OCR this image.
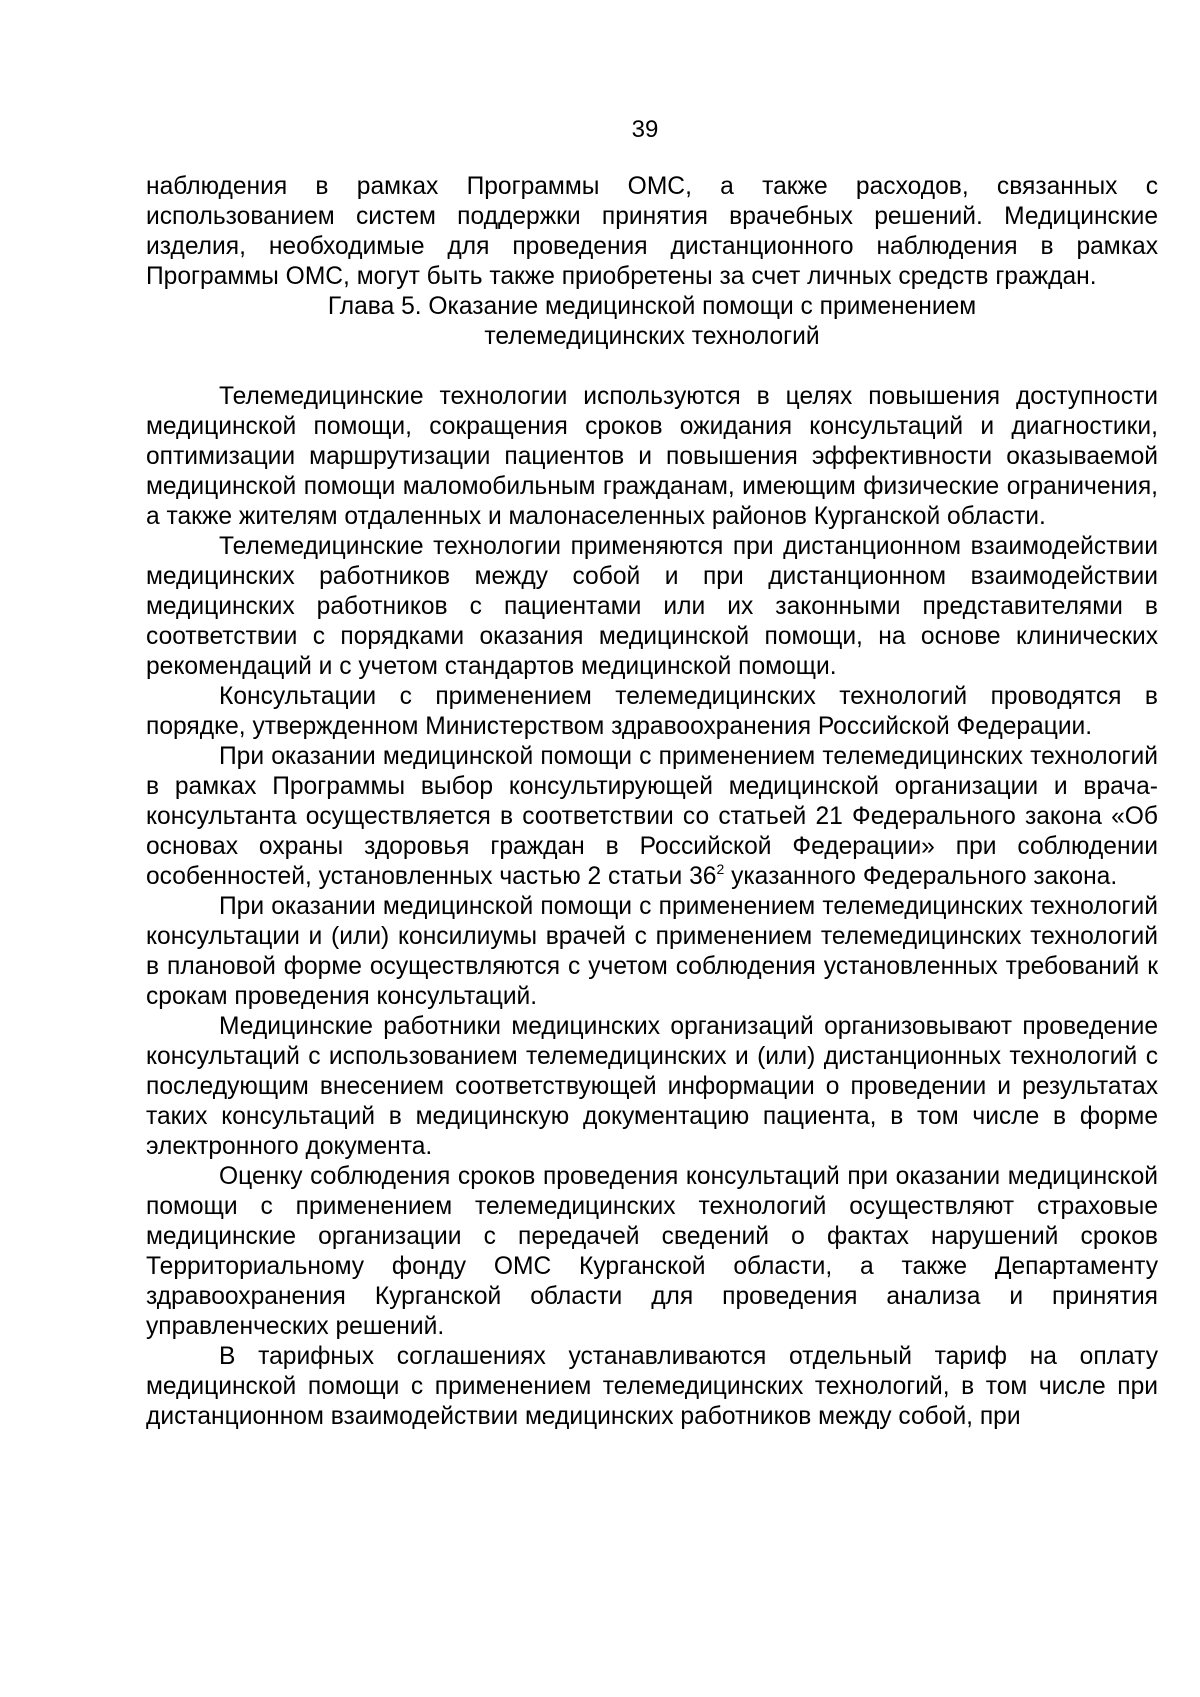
39

наблюдения в рамках Программы ОМС, а также расходов, связанных с использованием систем поддержки принятия врачебных решений. Медицинские изделия, необходимые для проведения дистанционного наблюдения в рамках Программы ОМС, могут быть также приобретены за счет личных средств граждан.

Глава 5. Оказание медицинской помощи с применением
телемедицинских технологий

Телемедицинские технологии используются в целях повышения доступности медицинской помощи, сокращения сроков ожидания консультаций и диагностики, оптимизации маршрутизации пациентов и повышения эффективности оказываемой медицинской помощи маломобильным гражданам, имеющим физические ограничения, а также жителям отдаленных и малонаселенных районов Курганской области.

Телемедицинские технологии применяются при дистанционном взаимодействии медицинских работников между собой и при дистанционном взаимодействии медицинских работников с пациентами или их законными представителями в соответствии с порядками оказания медицинской помощи, на основе клинических рекомендаций и с учетом стандартов медицинской помощи.

Консультации с применением телемедицинских технологий проводятся в порядке, утвержденном Министерством здравоохранения Российской Федерации.

При оказании медицинской помощи с применением телемедицинских технологий в рамках Программы выбор консультирующей медицинской организации и врача-консультанта осуществляется в соответствии со статьей 21 Федерального закона «Об основах охраны здоровья граждан в Российской Федерации» при соблюдении особенностей, установленных частью 2 статьи $36^2$ указанного Федерального закона.

При оказании медицинской помощи с применением телемедицинских технологий консультации и (или) консилиумы врачей с применением телемедицинских технологий в плановой форме осуществляются с учетом соблюдения установленных требований к срокам проведения консультаций.

Медицинские работники медицинских организаций организовывают проведение консультаций с использованием телемедицинских и (или) дистанционных технологий с последующим внесением соответствующей информации о проведении и результатах таких консультаций в медицинскую документацию пациента, в том числе в форме электронного документа.

Оценку соблюдения сроков проведения консультаций при оказании медицинской помощи с применением телемедицинских технологий осуществляют страховые медицинские организации с передачей сведений о фактах нарушений сроков Территориальному фонду ОМС Курганской области, а также Департаменту здравоохранения Курганской области для проведения анализа и принятия управленческих решений.

В тарифных соглашениях устанавливаются отдельный тариф на оплату медицинской помощи с применением телемедицинских технологий, в том числе при дистанционном взаимодействии медицинских работников между собой, при
